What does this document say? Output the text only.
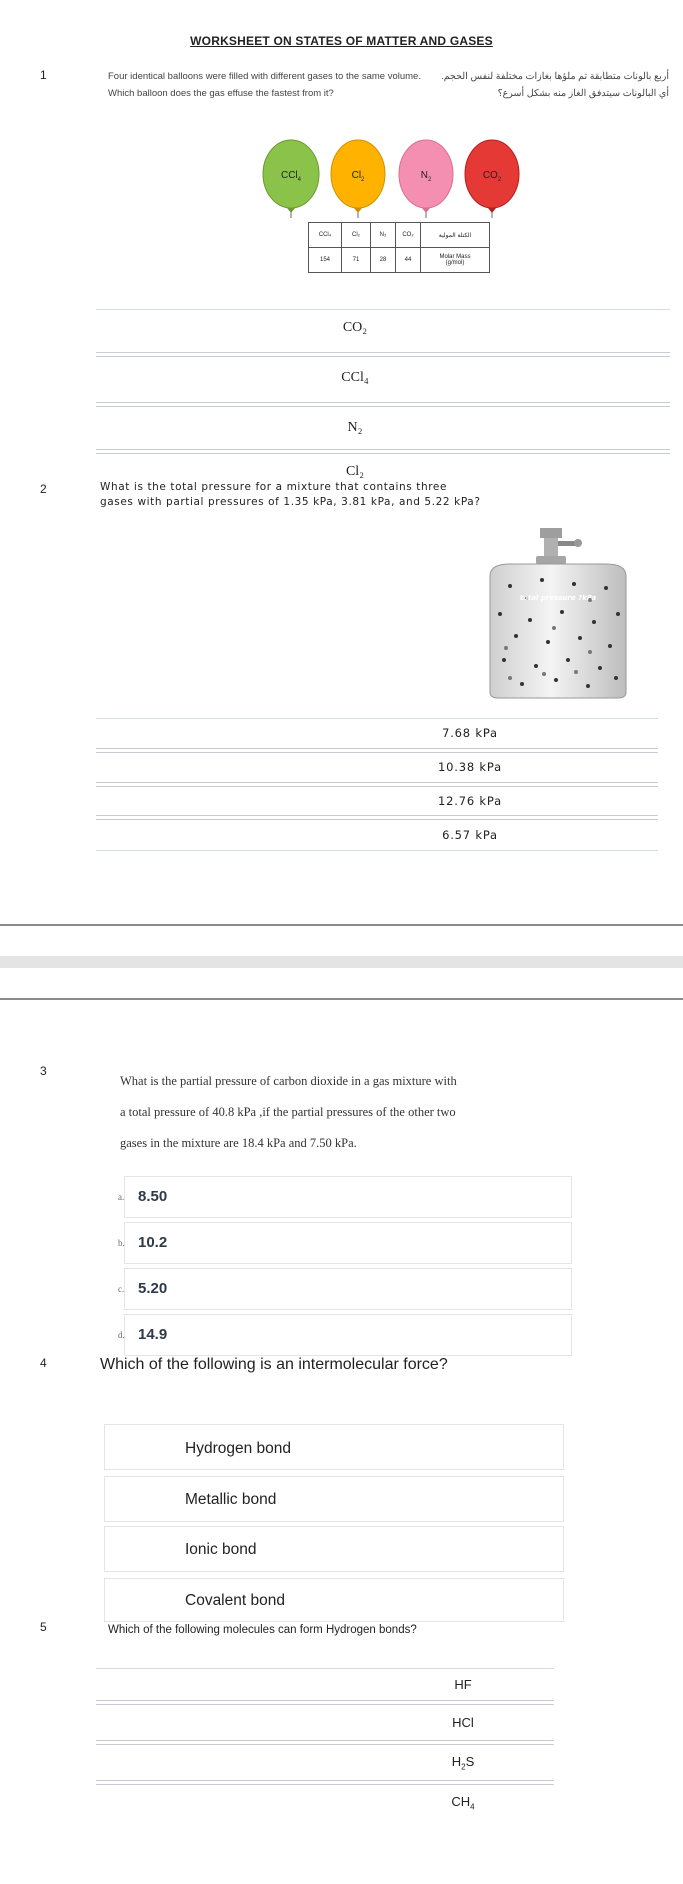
WORKSHEET ON STATES OF MATTER AND GASES
1	Four identical balloons were filled with different gases to the same volume.
Which balloon does the gas effuse the fastest from it?
أربع بالونات متطابقة تم ملؤها بغازات مختلفة لنفس الحجم.
أي البالونات سيتدفق الغاز منه بشكل أسرع؟
CCl$_4$	$Cl_2$	$N_2$	$CO_2$
CCl₄	Cl₂	N₂	CO₂	الكتلة المولية
154	71	28	44	Molar Mass
(g/mol)
CO₂
CCl₄
N₂
Cl₂
2	What is the total pressure for a mixture that contains three
gases with partial pressures of 1.35 kPa, 3.81 kPa, and 5.22 kPa?
total pressure ?kPa
7.68 kPa
10.38 kPa
12.76 kPa
6.57 kPa
3
What is the partial pressure of carbon dioxide in a gas mixture with
a total pressure of 40.8 kPa ,if the partial pressures of the other two
gases in the mixture are 18.4 kPa and 7.50 kPa.
a. 8.50
b. 10.2
c. 5.20
d. 14.9
4	Which of the following is an intermolecular force?
Hydrogen bond
Metallic bond
Ionic bond
Covalent bond
5	Which of the following molecules can form Hydrogen bonds?
HF
HCl
$H_2S$
$CH_4$
